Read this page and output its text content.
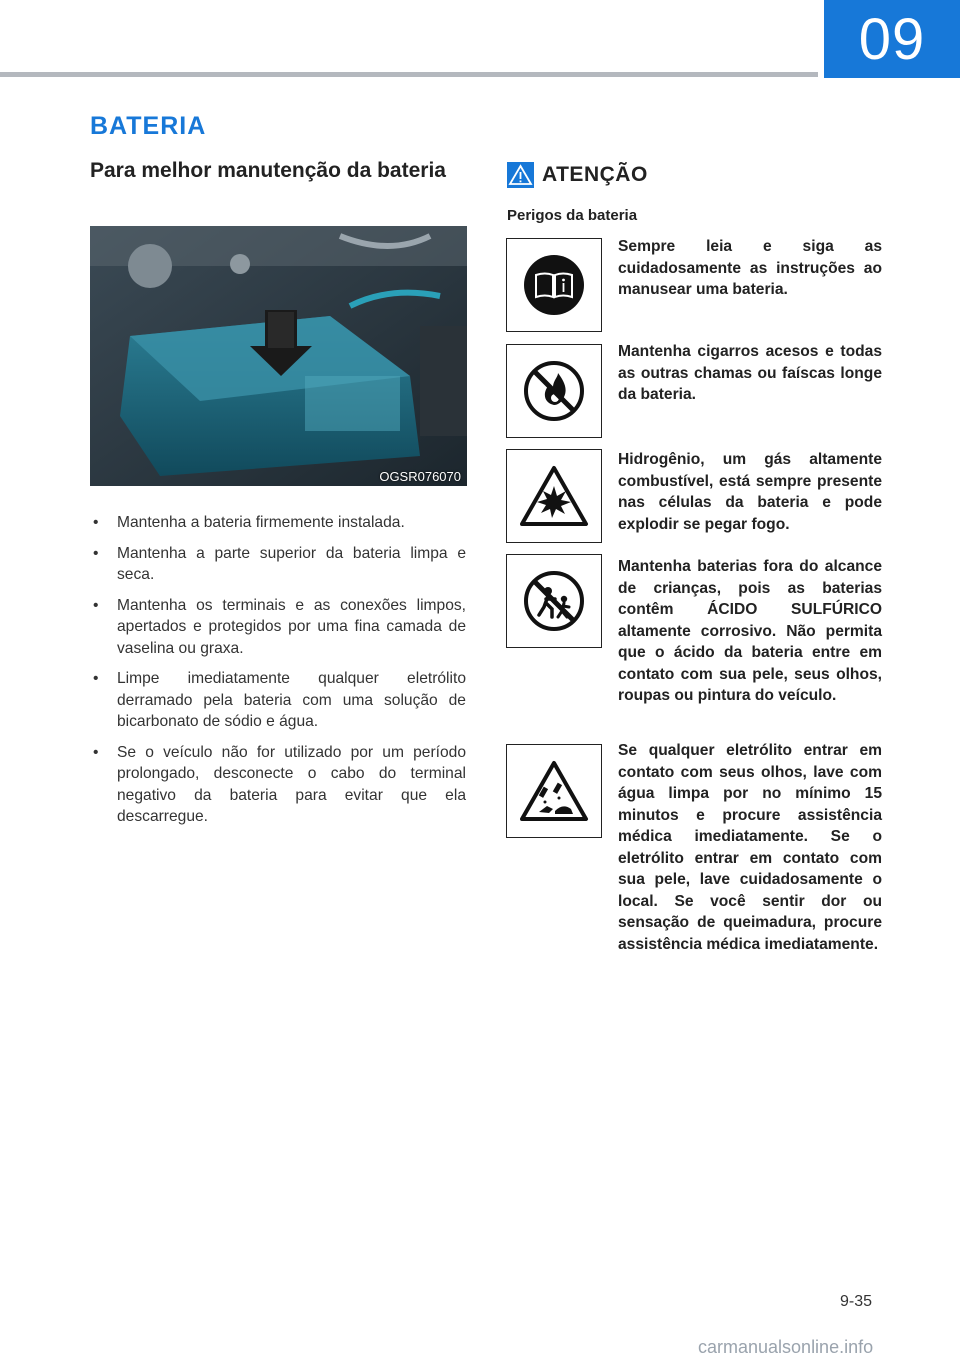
09
BATERIA
Para melhor manutenção da bateria
OGSR076070
• Mantenha a bateria firmemente instalada.
• Mantenha a parte superior da bateria limpa e seca.
• Mantenha os terminais e as conexões limpos, apertados e protegidos por uma fina camada de vaselina ou graxa.
• Limpe imediatamente qualquer eletrólito derramado pela bateria com uma solução de bicarbonato de sódio e água.
• Se o veículo não for utilizado por um período prolongado, desconecte o cabo do terminal negativo da bateria para evitar que ela descarregue.
ATENÇÃO
Perigos da bateria
Sempre leia e siga as cuidadosamente as instruções ao manusear uma bateria.
Mantenha cigarros acesos e todas as outras chamas ou faíscas longe da bateria.
Hidrogênio, um gás altamente combustível, está sempre presente nas células da bateria e pode explodir se pegar fogo.
Mantenha baterias fora do alcance de crianças, pois as baterias contêm ÁCIDO SULFÚRICO altamente corrosivo. Não permita que o ácido da bateria entre em contato com sua pele, seus olhos, roupas ou pintura do veículo.
Se qualquer eletrólito entrar em contato com seus olhos, lave com água limpa por no mínimo 15 minutos e procure assistência médica imediatamente. Se o eletrólito entrar em contato com sua pele, lave cuidadosamente o local. Se você sentir dor ou sensação de queimadura, procure assistência médica imediatamente.
9-35
carmanualsonline.info
